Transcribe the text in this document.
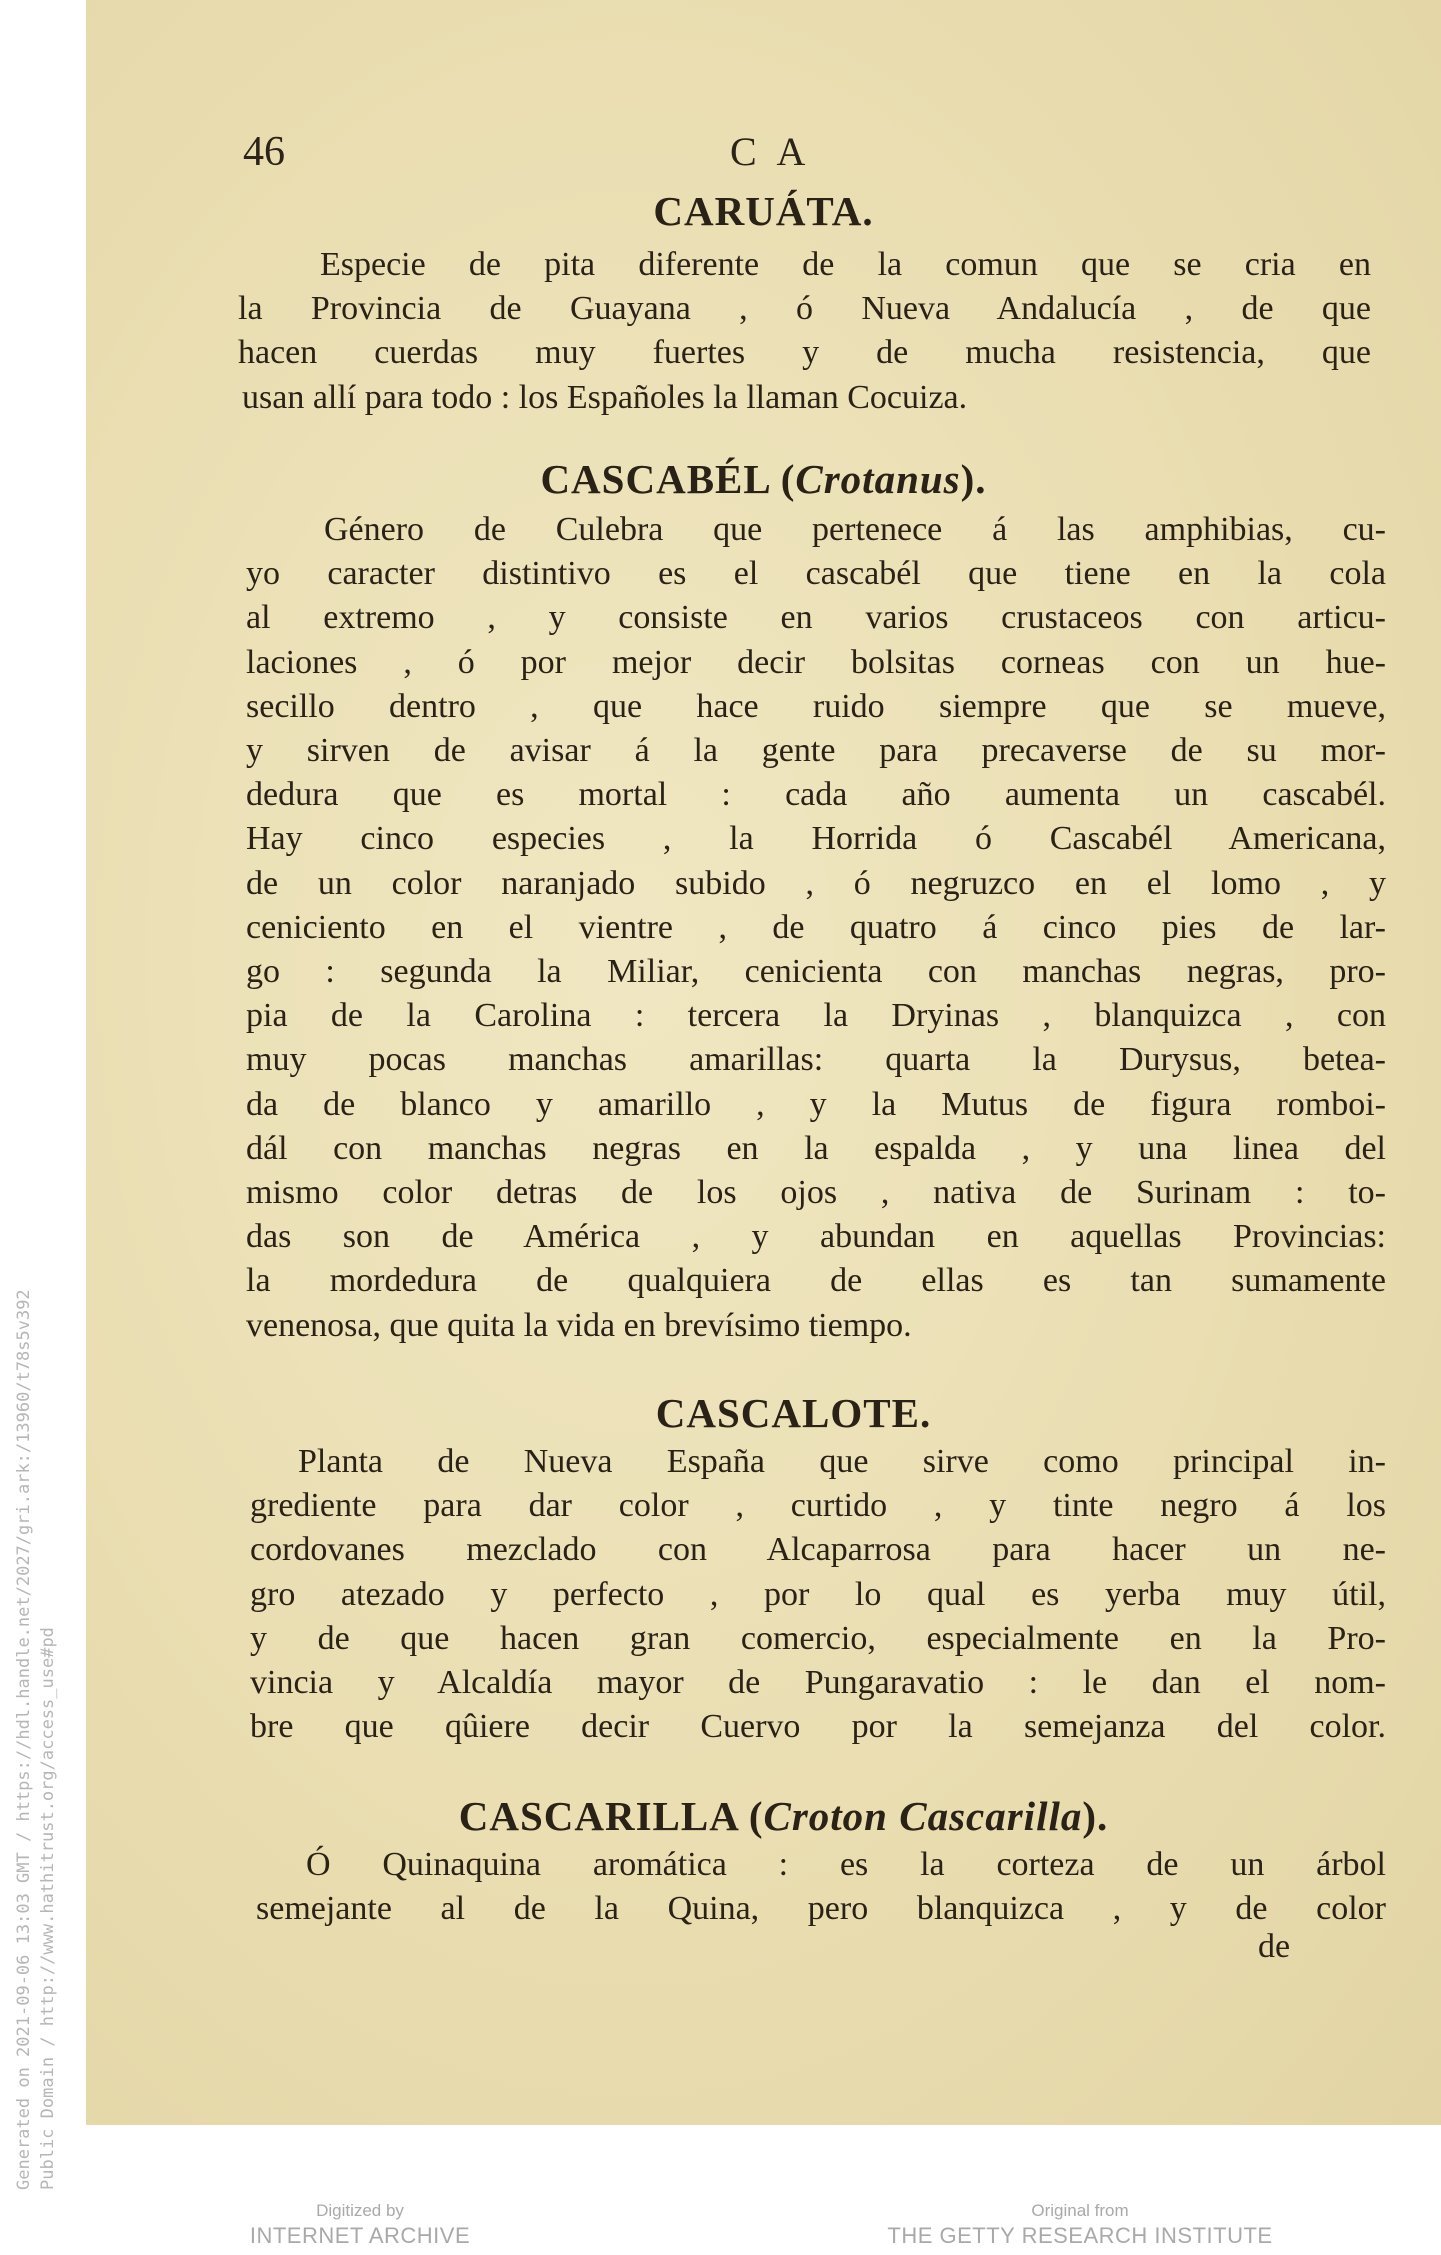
Generated on 2021-09-06 13:03 GMT / https://hdl.handle.net/2027/gri.ark:/13960/t78s5v392 Public Domain / http://www.hathitrust.org/access_use#pd
46	C A
CARUÁTA.
Especie de pita diferente de la comun que se cria en
la Provincia de Guayana , ó Nueva Andalucía , de que
hacen cuerdas muy fuertes y de mucha resistencia, que
usan allí para todo : los Españoles la llaman Cocuiza.
CASCABÉL (Crotanus).
Género de Culebra que pertenece á las amphibias, cu-
yo caracter distintivo es el cascabél que tiene en la cola
al extremo , y consiste en varios crustaceos con articu-
laciones , ó por mejor decir bolsitas corneas con un hue-
secillo dentro , que hace ruido siempre que se mueve,
y sirven de avisar á la gente para precaverse de su mor-
dedura que es mortal : cada año aumenta un cascabél.
Hay cinco especies , la Horrida ó Cascabél Americana,
de un color naranjado subido , ó negruzco en el lomo , y
ceniciento en el vientre , de quatro á cinco pies de lar-
go : segunda la Miliar, cenicienta con manchas negras, pro-
pia de la Carolina : tercera la Dryinas , blanquizca , con
muy pocas manchas amarillas: quarta la Durysus, betea-
da de blanco y amarillo , y la Mutus de figura romboi-
dál con manchas negras en la espalda , y una linea del
mismo color detras de los ojos , nativa de Surinam : to-
das son de América , y abundan en aquellas Provincias:
la mordedura de qualquiera de ellas es tan sumamente
venenosa, que quita la vida en brevísimo tiempo.
CASCALOTE.
Planta de Nueva España que sirve como principal in-
grediente para dar color , curtido , y tinte negro á los
cordovanes mezclado con Alcaparrosa para hacer un ne-
gro atezado y perfecto , por lo qual es yerba muy útil,
y de que hacen gran comercio, especialmente en la Pro-
vincia y Alcaldía mayor de Pungaravatio : le dan el nom-
bre que qûiere decir Cuervo por la semejanza del color.
CASCARILLA (Croton Cascarilla).
Ó Quinaquina aromática : es la corteza de un árbol
semejante al de la Quina, pero blanquizca , y de color
de
Digitized by
INTERNET ARCHIVE
Original from
THE GETTY RESEARCH INSTITUTE
